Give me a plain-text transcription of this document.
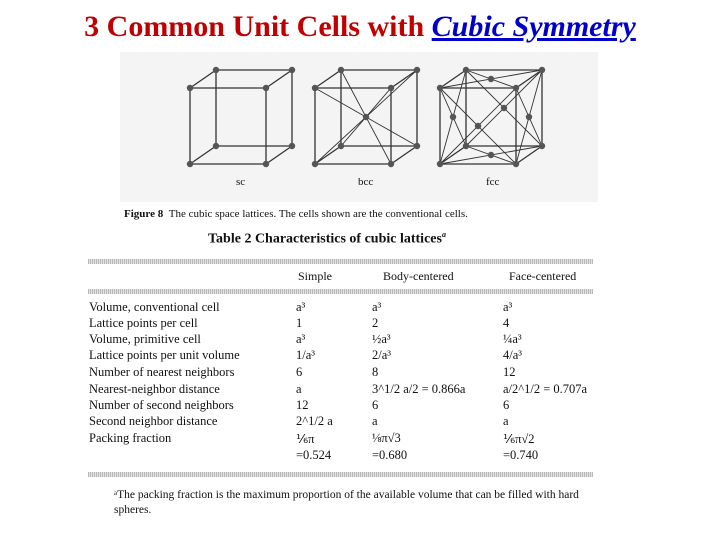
3 Common Unit Cells with Cubic Symmetry
sc	bcc	fcc
Figure 8 The cubic space lattices. The cells shown are the conventional cells.
Table 2 Characteristics of cubic lattices$^a$
Simple	Body-centered	Face-centered
Volume, conventional cell	a³	a³	a³
Lattice points per cell	1	2	4
Volume, primitive cell	a³	½a³	¼a³
Lattice points per unit volume	1/a³	2/a³	4/a³
Number of nearest neighbors	6	8	12
Nearest-neighbor distance	a	3^1/2 a/2 = 0.866a	a/2^1/2 = 0.707a
Number of second neighbors	12	6	6
Second neighbor distance	2^1/2 a	a	a
Packing fraction	⅙π	⅛π√3	⅙π√2
=0.524	=0.680	=0.740
ᵃThe packing fraction is the maximum proportion of the available volume that can be filled with hard spheres.
